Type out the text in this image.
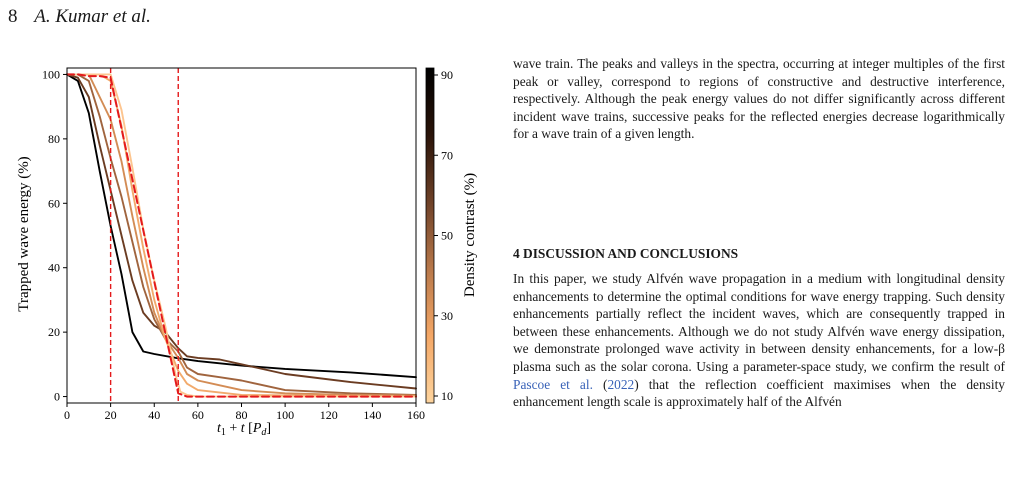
8 A. Kumar et al.
0	20	40	60	80 100 120 140 160
0
20
40
60
80
100
Trapped wave energy (%)
$t_1 + t$ $[P_d]$
10
30
50
70
90
Density contrast (%)
wave train. The peaks and valleys in the spectra, occurring at integer multiples of the first peak or valley, correspond to regions of constructive and destructive interference, respectively. Although the peak energy values do not differ significantly across different incident wave trains, successive peaks for the reflected energies decrease logarithmically for a wave train of a given length.
4 DISCUSSION AND CONCLUSIONS
In this paper, we study Alfvén wave propagation in a medium with longitudinal density enhancements to determine the optimal conditions for wave energy trapping. Such density enhancements partially reflect the incident waves, which are consequently trapped in between these enhancements. Although we do not study Alfvén wave energy dissipation, we demonstrate prolonged wave activity in between density enhancements, for a low-β plasma such as the solar corona. Using a parameter-space study, we confirm the result of Pascoe et al. (2022) that the reflection coefficient maximises when the density enhancement length scale is approximately half of the Alfvén
